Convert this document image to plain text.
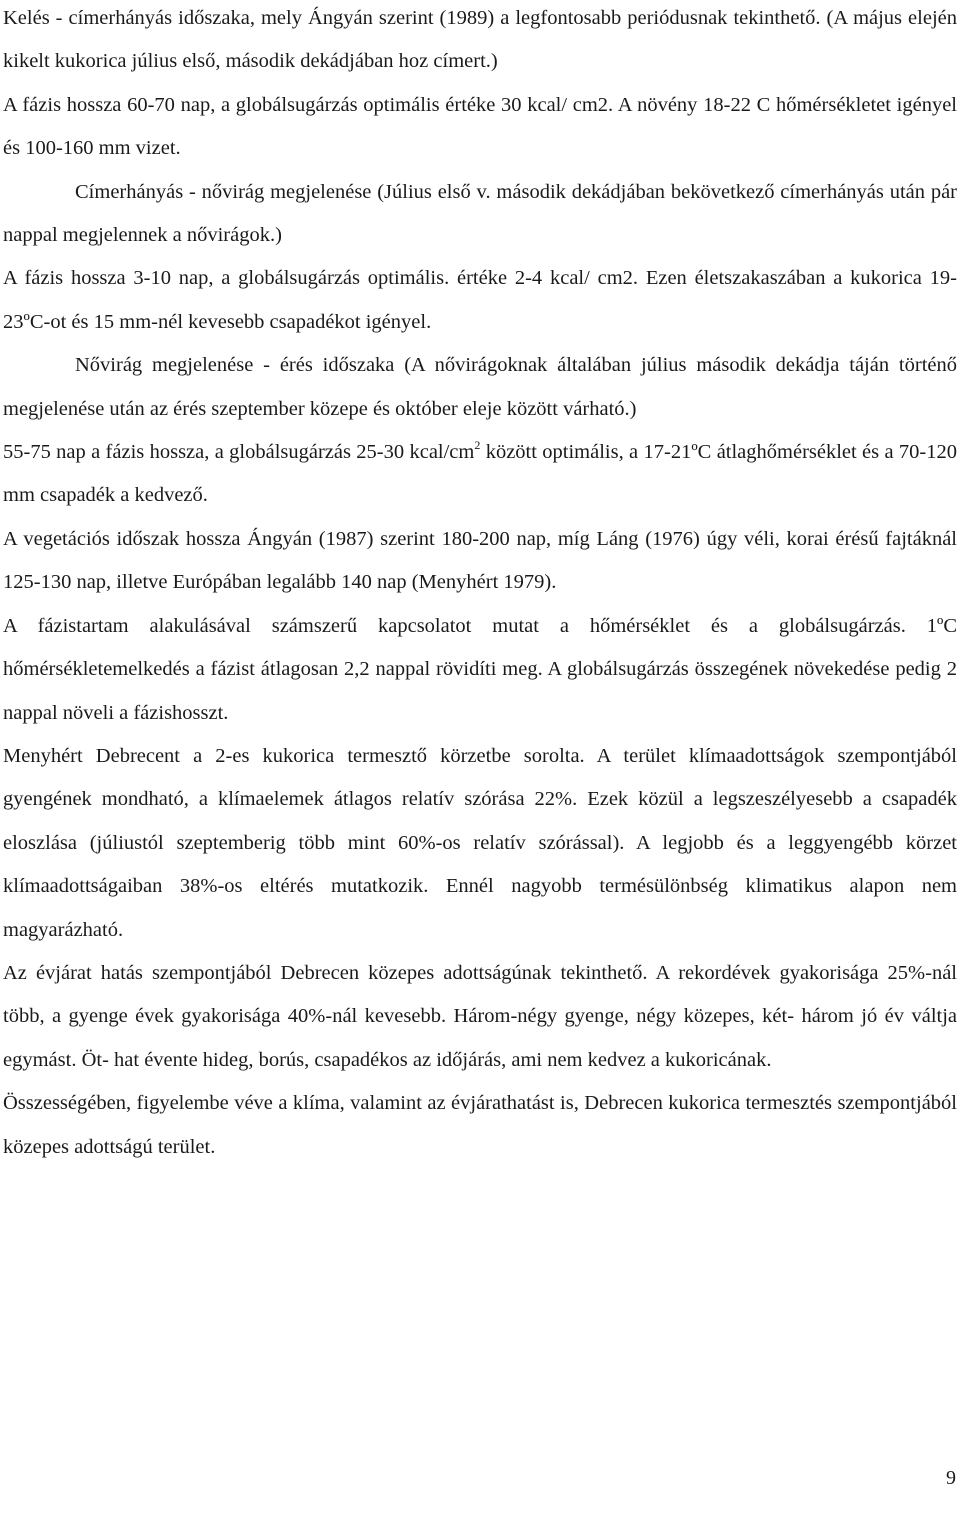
Kelés - címerhányás időszaka, mely Ángyán szerint (1989) a legfontosabb periódusnak tekinthető. (A május elején kikelt kukorica július első, második dekádjában hoz címert.)

A fázis hossza 60-70 nap, a globálsugárzás optimális értéke 30 kcal/ cm2. A növény 18-22 C hőmérsékletet igényel és 100-160 mm vizet.

Címerhányás - nővirág megjelenése (Július első v. második dekádjában bekövetkező címerhányás után pár nappal megjelennek a nővirágok.)

A fázis hossza 3-10 nap, a globálsugárzás optimális. értéke 2-4 kcal/ cm2. Ezen életszakaszában a kukorica 19-23ºC-ot és 15 mm-nél kevesebb csapadékot igényel.

Nővirág megjelenése - érés időszaka (A nővirágoknak általában július második dekádja táján történő megjelenése után az érés szeptember közepe és október eleje között várható.)

55-75 nap a fázis hossza, a globálsugárzás 25-30 kcal/$cm^2$ között optimális, a 17-21ºC átlaghőmérséklet és a 70-120 mm csapadék a kedvező.

A vegetációs időszak hossza Ángyán (1987) szerint 180-200 nap, míg Láng (1976) úgy véli, korai érésű fajtáknál 125-130 nap, illetve Európában legalább 140 nap (Menyhért 1979).

A fázistartam alakulásával számszerű kapcsolatot mutat a hőmérséklet és a globálsugárzás. 1ºC hőmérsékletemelkedés a fázist átlagosan 2,2 nappal rövidíti meg. A globálsugárzás összegének növekedése pedig 2 nappal növeli a fázishosszt.

Menyhért Debrecent a 2-es kukorica termesztő körzetbe sorolta. A terület klímaadottságok szempontjából gyengének mondható, a klímaelemek átlagos relatív szórása 22%. Ezek közül a legszeszélyesebb a csapadék eloszlása (júliustól szeptemberig több mint 60%-os relatív szórással). A legjobb és a leggyengébb körzet klímaadottságaiban 38%-os eltérés mutatkozik. Ennél nagyobb termésülönbség klimatikus alapon nem magyarázható.

Az évjárat hatás szempontjából Debrecen közepes adottságúnak tekinthető. A rekordévek gyakorisága 25%-nál több, a gyenge évek gyakorisága 40%-nál kevesebb. Három-négy gyenge, négy közepes, két- három jó év váltja egymást. Öt- hat évente hideg, borús, csapadékos az időjárás, ami nem kedvez a kukoricának.

Összességében, figyelembe véve a klíma, valamint az évjárathatást is, Debrecen kukorica termesztés szempontjából közepes adottságú terület.

9
